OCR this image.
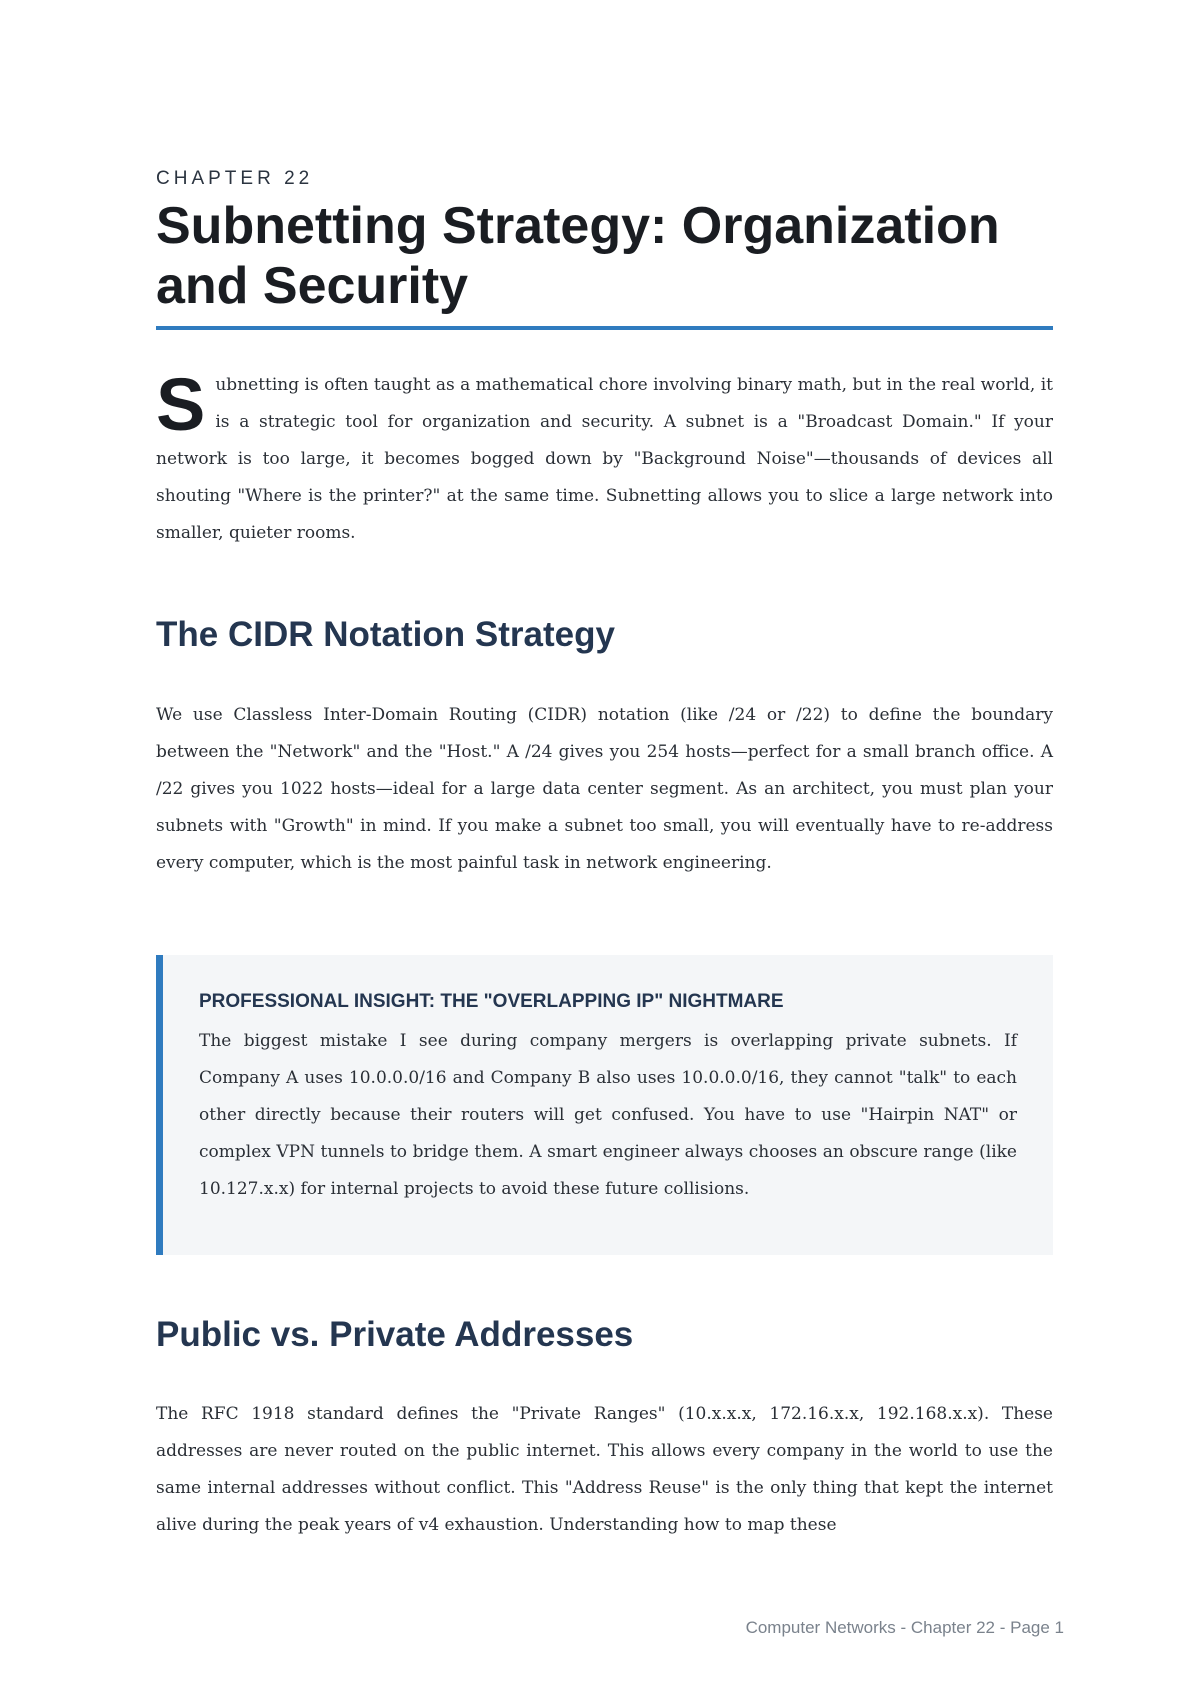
CHAPTER 22
Subnetting Strategy: Organization and Security

Subnetting is often taught as a mathematical chore involving binary math, but in the real world, it is a strategic tool for organization and security. A subnet is a "Broadcast Domain." If your network is too large, it becomes bogged down by "Background Noise"—thousands of devices all shouting "Where is the printer?" at the same time. Subnetting allows you to slice a large network into smaller, quieter rooms.

The CIDR Notation Strategy

We use Classless Inter-Domain Routing (CIDR) notation (like /24 or /22) to define the boundary between the "Network" and the "Host." A /24 gives you 254 hosts—perfect for a small branch office. A /22 gives you 1022 hosts—ideal for a large data center segment. As an architect, you must plan your subnets with "Growth" in mind. If you make a subnet too small, you will eventually have to re-address every computer, which is the most painful task in network engineering.

PROFESSIONAL INSIGHT: THE "OVERLAPPING IP" NIGHTMARE

The biggest mistake I see during company mergers is overlapping private subnets. If Company A uses 10.0.0.0/16 and Company B also uses 10.0.0.0/16, they cannot "talk" to each other directly because their routers will get confused. You have to use "Hairpin NAT" or complex VPN tunnels to bridge them. A smart engineer always chooses an obscure range (like 10.127.x.x) for internal projects to avoid these future collisions.

Public vs. Private Addresses

The RFC 1918 standard defines the "Private Ranges" (10.x.x.x, 172.16.x.x, 192.168.x.x). These addresses are never routed on the public internet. This allows every company in the world to use the same internal addresses without conflict. This "Address Reuse" is the only thing that kept the internet alive during the peak years of v4 exhaustion. Understanding how to map these

Computer Networks - Chapter 22 - Page 1
